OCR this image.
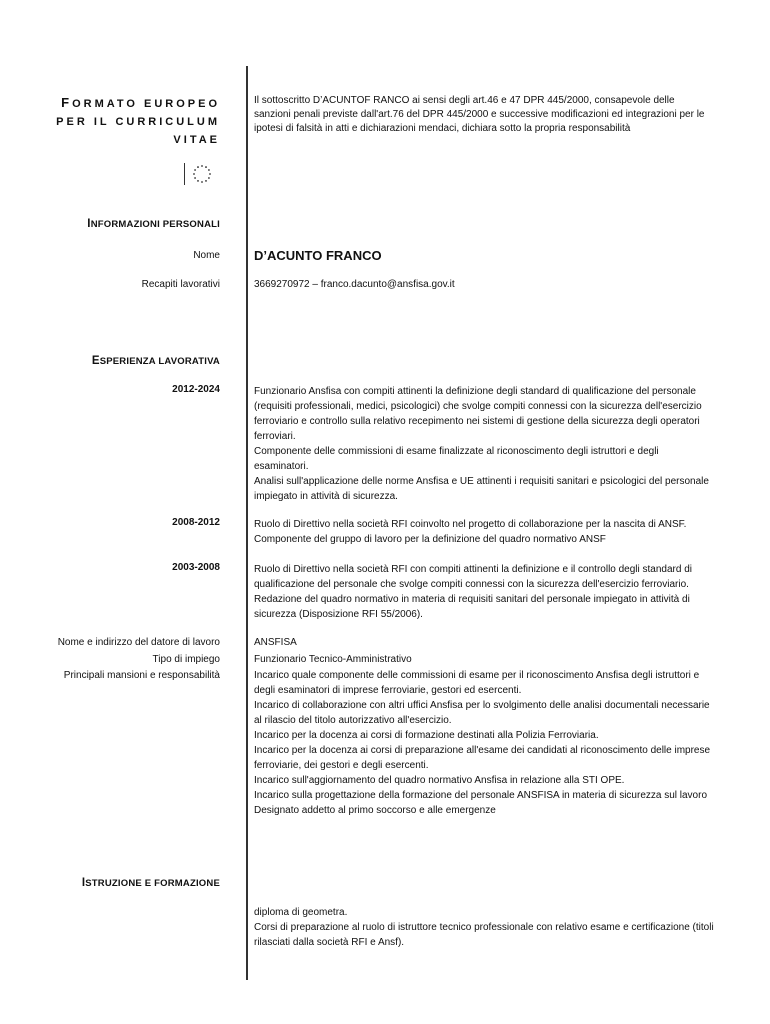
FORMATO EUROPEO
PER IL CURRICULUM
VITAE
Il sottoscritto D’ACUNTOF RANCO ai sensi degli art.46 e 47 DPR 445/2000, consapevole delle sanzioni penali previste dall'art.76 del DPR 445/2000 e successive modificazioni ed integrazioni per le ipotesi di falsità in atti e dichiarazioni mendaci, dichiara sotto la propria responsabilità
INFORMAZIONI PERSONALI
Nome	D’ACUNTO FRANCO
Recapiti lavorativi	3669270972 – franco.dacunto@ansfisa.gov.it
ESPERIENZA LAVORATIVA
2012-2024	Funzionario Ansfisa con compiti attinenti la definizione degli standard di qualificazione del personale (requisiti professionali, medici, psicologici) che svolge compiti connessi con la sicurezza dell'esercizio ferroviario e controllo sulla relativo recepimento nei sistemi di gestione della sicurezza degli operatori ferroviari.

Componente delle commissioni di esame finalizzate al riconoscimento degli istruttori e degli esaminatori.

Analisi sull'applicazione delle norme Ansfisa e UE attinenti i requisiti sanitari e psicologici del personale impiegato in attività di sicurezza.

2008-2012	Ruolo di Direttivo nella società RFI coinvolto nel progetto di collaborazione per la nascita di ANSF.

Componente del gruppo di lavoro per la definizione del quadro normativo ANSF

2003-2008	Ruolo di Direttivo nella società RFI con compiti attinenti la definizione e il controllo degli standard di qualificazione del personale che svolge compiti connessi con la sicurezza dell'esercizio ferroviario. Redazione del quadro normativo in materia di requisiti sanitari del personale impiegato in attività di sicurezza (Disposizione RFI 55/2006).

Nome e indirizzo del datore di lavoro	ANSFISA
Tipo di impiego	Funzionario Tecnico-Amministrativo
Principali mansioni e responsabilità	Incarico quale componente delle commissioni di esame per il riconoscimento Ansfisa degli istruttori e degli esaminatori di imprese ferroviarie, gestori ed esercenti.

Incarico di collaborazione con altri uffici Ansfisa per lo svolgimento delle analisi documentali necessarie al rilascio del titolo autorizzativo all'esercizio.

Incarico per la docenza ai corsi di formazione destinati alla Polizia Ferroviaria.

Incarico per la docenza ai corsi di preparazione all'esame dei candidati al riconoscimento delle imprese ferroviarie, dei gestori e degli esercenti.

Incarico sull'aggiornamento del quadro normativo Ansfisa in relazione alla STI OPE.

Incarico sulla progettazione della formazione del personale ANSFISA in materia di sicurezza sul lavoro

Designato addetto al primo soccorso e alle emergenze

ISTRUZIONE E FORMAZIONE

diploma di geometra.

Corsi di preparazione al ruolo di istruttore tecnico professionale con relativo esame e certificazione (titoli rilasciati dalla società RFI e Ansf).
